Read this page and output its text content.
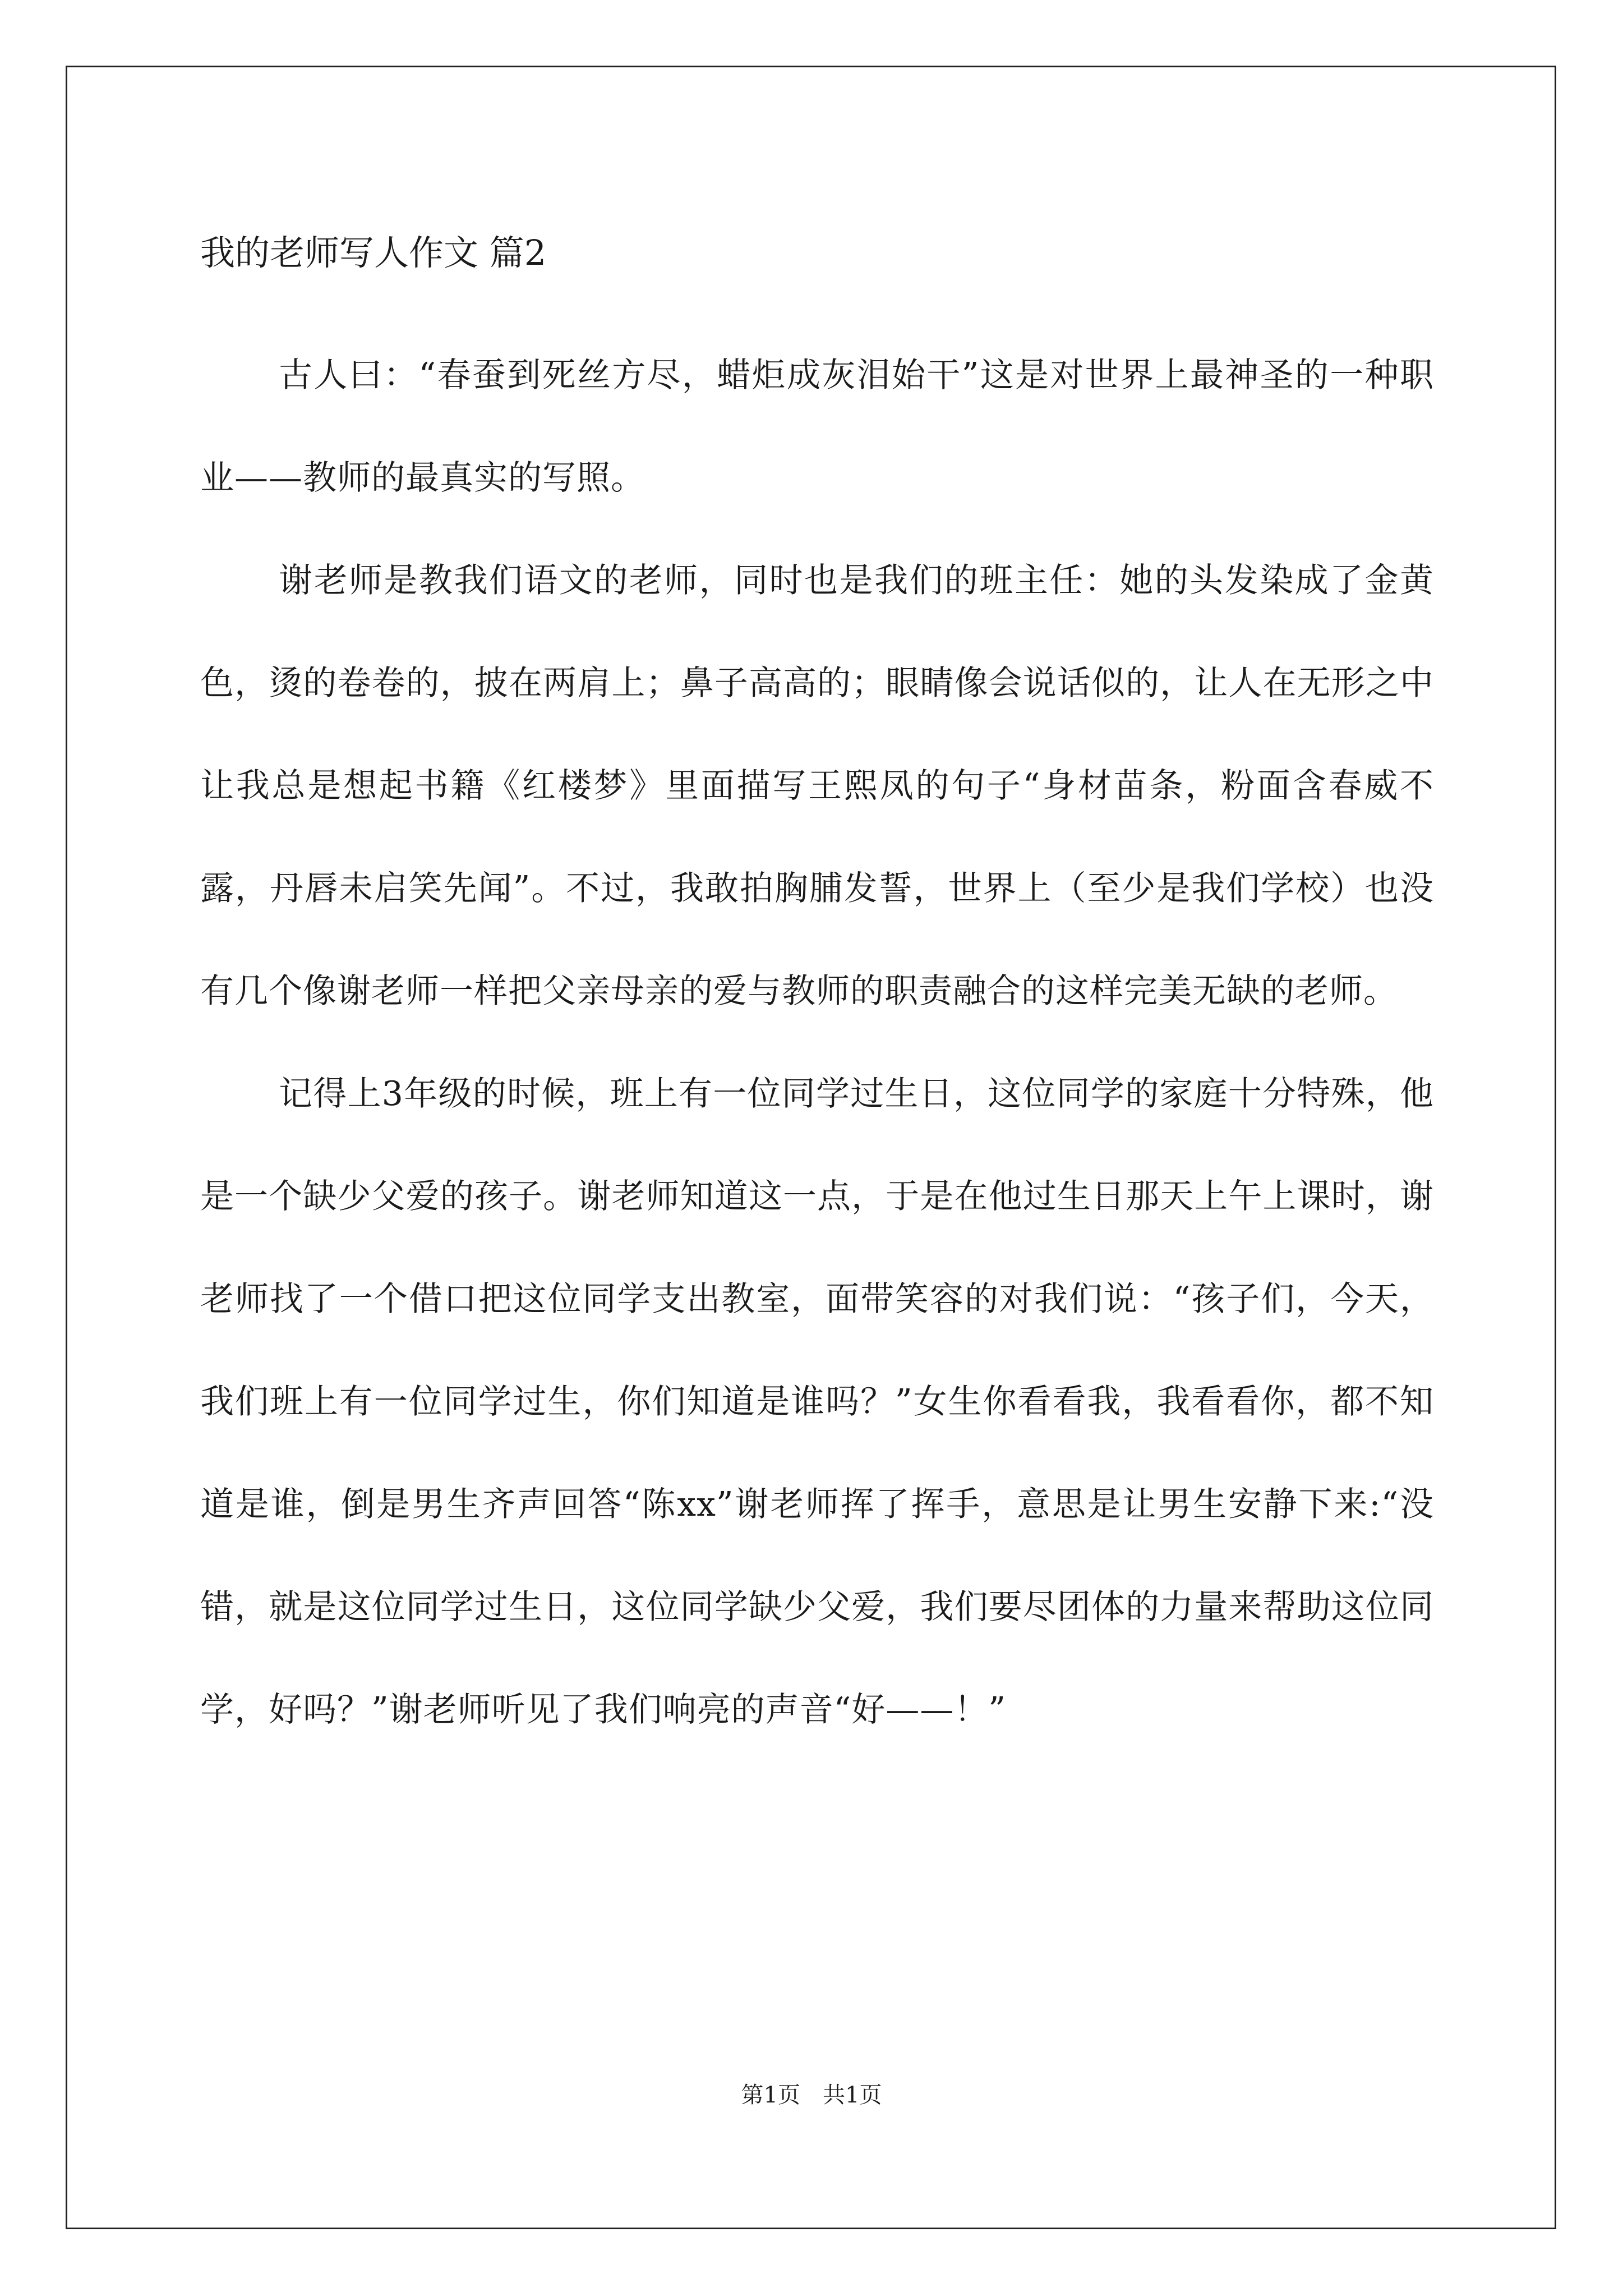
我的老师写人作文 篇2

古人曰：“春蚕到死丝方尽，蜡炬成灰泪始干”这是对世界上最神圣的一种职业——教师的最真实的写照。

谢老师是教我们语文的老师，同时也是我们的班主任：她的头发染成了金黄色，烫的卷卷的，披在两肩上；鼻子高高的；眼睛像会说话似的，让人在无形之中让我总是想起书籍《红楼梦》里面描写王熙凤的句子“身材苗条，粉面含春威不露，丹唇未启笑先闻”。不过，我敢拍胸脯发誓，世界上（至少是我们学校）也没有几个像谢老师一样把父亲母亲的爱与教师的职责融合的这样完美无缺的老师。

记得上3年级的时候，班上有一位同学过生日，这位同学的家庭十分特殊，他是一个缺少父爱的孩子。谢老师知道这一点，于是在他过生日那天上午上课时，谢老师找了一个借口把这位同学支出教室，面带笑容的对我们说：“孩子们，今天，我们班上有一位同学过生，你们知道是谁吗？”女生你看看我，我看看你，都不知道是谁，倒是男生齐声回答“陈xx”谢老师挥了挥手，意思是让男生安静下来:“没错，就是这位同学过生日，这位同学缺少父爱，我们要尽团体的力量来帮助这位同学，好吗？”谢老师听见了我们响亮的声音“好——！”

第1页　共1页
